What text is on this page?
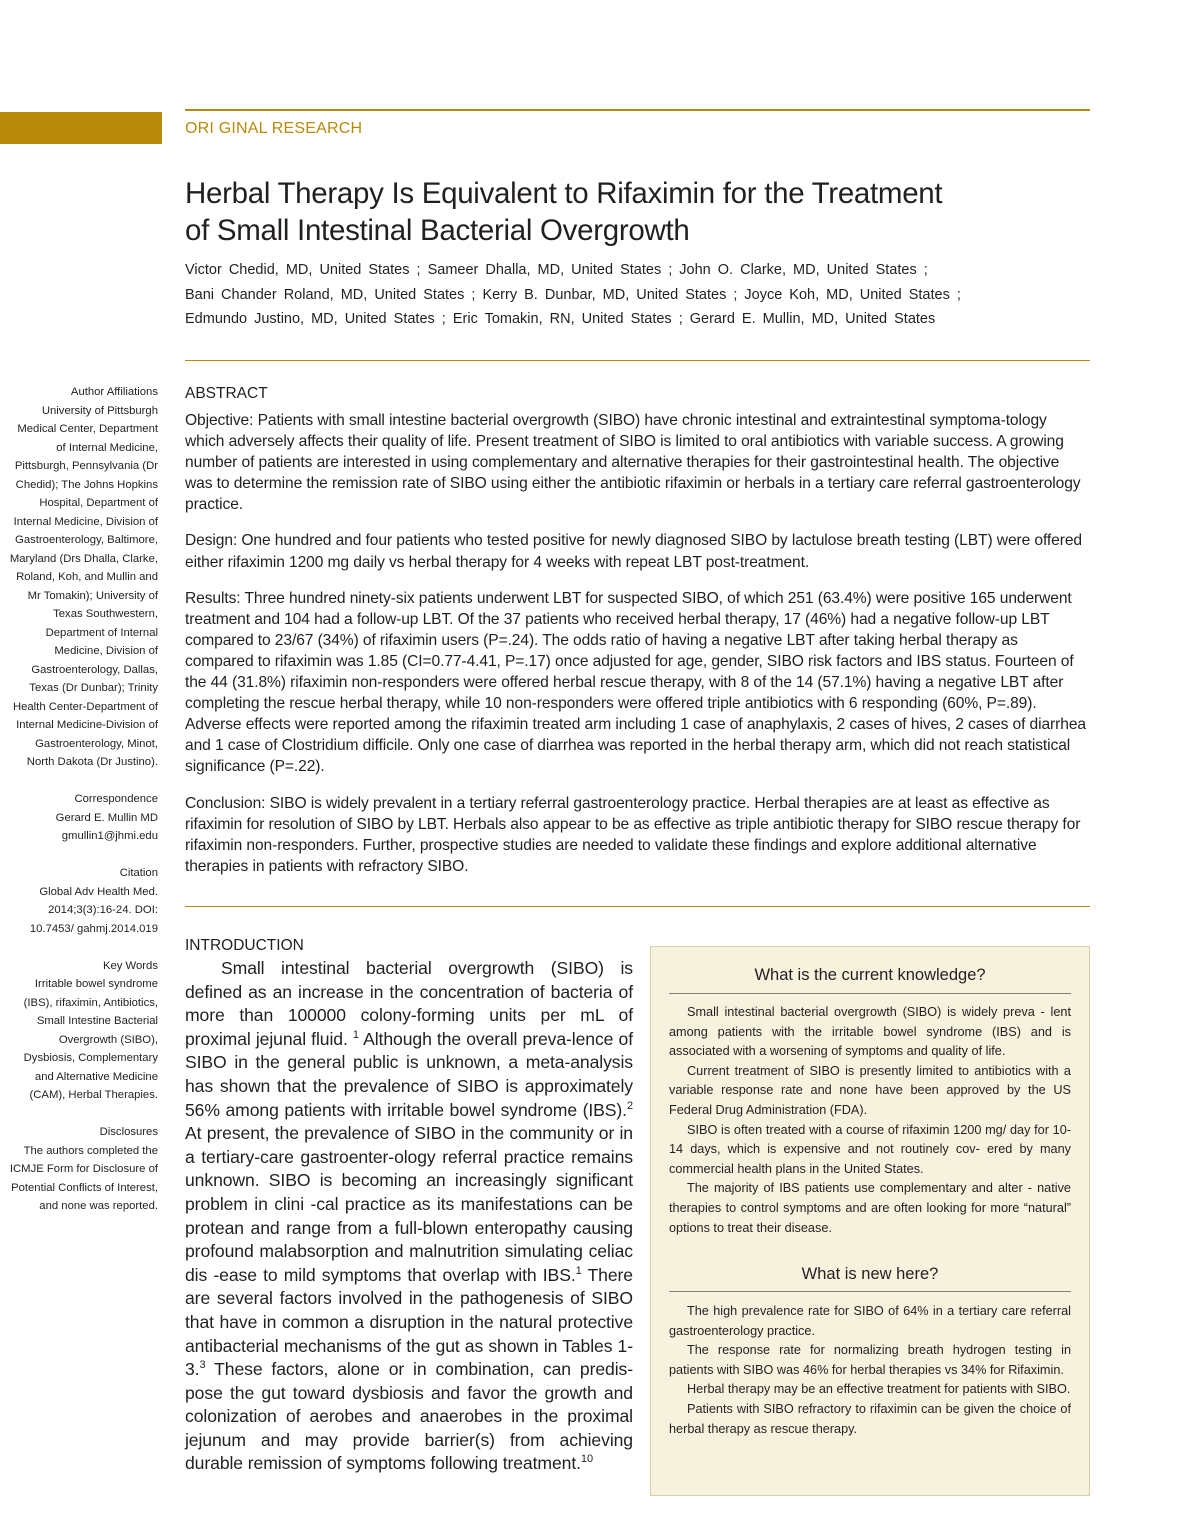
ORI GINAL RESEARCH
Herbal Therapy Is Equivalent to Rifaximin for the Treatment
of Small Intestinal Bacterial Overgrowth
Victor Chedid, MD, United States ; Sameer Dhalla, MD, United States ; John O. Clarke, MD, United States ;
Bani Chander Roland, MD, United States ; Kerry B. Dunbar, MD, United States ; Joyce Koh, MD, United States ;
Edmundo Justino, MD, United States ; Eric Tomakin, RN, United States ; Gerard E. Mullin, MD, United States
Author Affiliations
University of Pittsburgh Medical Center, Department of Internal Medicine, Pittsburgh, Pennsylvania (Dr Chedid); The Johns Hopkins Hospital, Department of Internal Medicine, Division of Gastroenterology, Baltimore, Maryland (Drs Dhalla, Clarke, Roland, Koh, and Mullin and Mr Tomakin); University of Texas Southwestern, Department of Internal Medicine, Division of Gastroenterology, Dallas, Texas (Dr Dunbar); Trinity Health Center-Department of Internal Medicine-Division of Gastroenterology, Minot, North Dakota (Dr Justino).
Correspondence
Gerard E. Mullin MD
gmullin1@jhmi.edu
Citation
Global Adv Health Med. 2014;3(3):16-24. DOI: 10.7453/ gahmj.2014.019
Key Words
Irritable bowel syndrome (IBS), rifaximin, Antibiotics, Small Intestine Bacterial Overgrowth (SIBO), Dysbiosis, Complementary and Alternative Medicine (CAM), Herbal Therapies.
Disclosures
The authors completed the ICMJE Form for Disclosure of Potential Conflicts of Interest, and none was reported.
ABSTRACT

Objective: Patients with small intestine bacterial overgrowth (SIBO) have chronic intestinal and extraintestinal symptoma-tology which adversely affects their quality of life. Present treatment of SIBO is limited to oral antibiotics with variable success. A growing number of patients are interested in using complementary and alternative therapies for their gastrointestinal health. The objective was to determine the remission rate of SIBO using either the antibiotic rifaximin or herbals in a tertiary care referral gastroenterology practice.

Design: One hundred and four patients who tested positive for newly diagnosed SIBO by lactulose breath testing (LBT) were offered either rifaximin 1200 mg daily vs herbal therapy for 4 weeks with repeat LBT post-treatment.

Results: Three hundred ninety-six patients underwent LBT for suspected SIBO, of which 251 (63.4%) were positive 165 underwent treatment and 104 had a follow-up LBT. Of the 37 patients who received herbal therapy, 17 (46%) had a negative follow-up LBT compared to 23/67 (34%) of rifaximin users (P=.24). The odds ratio of having a negative LBT after taking herbal therapy as compared to rifaximin was 1.85 (CI=0.77-4.41, P=.17) once adjusted for age, gender, SIBO risk factors and IBS status. Fourteen of the 44 (31.8%) rifaximin non-responders were offered herbal rescue therapy, with 8 of the 14 (57.1%) having a negative LBT after completing the rescue herbal therapy, while 10 non-responders were offered triple antibiotics with 6 responding (60%, P=.89). Adverse effects were reported among the rifaximin treated arm including 1 case of anaphylaxis, 2 cases of hives, 2 cases of diarrhea and 1 case of Clostridium difficile. Only one case of diarrhea was reported in the herbal therapy arm, which did not reach statistical significance (P=.22).

Conclusion: SIBO is widely prevalent in a tertiary referral gastroenterology practice. Herbal therapies are at least as effective as rifaximin for resolution of SIBO by LBT. Herbals also appear to be as effective as triple antibiotic therapy for SIBO rescue therapy for rifaximin non-responders. Further, prospective studies are needed to validate these findings and explore additional alternative therapies in patients with refractory SIBO.

INTRODUCTION

Small intestinal bacterial overgrowth (SIBO) is defined as an increase in the concentration of bacteria of more than 100000 colony-forming units per mL of proximal jejunal fluid. $^1$ Although the overall preva-lence of SIBO in the general public is unknown, a meta-analysis has shown that the prevalence of SIBO is approximately 56% among patients with irritable bowel syndrome (IBS).$^2$ At present, the prevalence of SIBO in the community or in a tertiary-care gastroenter-ology referral practice remains unknown. SIBO is becoming an increasingly significant problem in clini -cal practice as its manifestations can be protean and range from a full-blown enteropathy causing profound malabsorption and malnutrition simulating celiac dis -ease to mild symptoms that overlap with IBS.$^1$ There are several factors involved in the pathogenesis of SIBO that have in common a disruption in the natural protective antibacterial mechanisms of the gut as shown in Tables 1-3.$^3$ These factors, alone or in combination, can predis-pose the gut toward dysbiosis and favor the growth and colonization of aerobes and anaerobes in the proximal jejunum and may provide barrier(s) from achieving durable remission of symptoms following treatment.$^{10}$

What is the current knowledge?

Small intestinal bacterial overgrowth (SIBO) is widely preva - lent among patients with the irritable bowel syndrome (IBS) and is associated with a worsening of symptoms and quality of life.

Current treatment of SIBO is presently limited to antibiotics with a variable response rate and none have been approved by the US Federal Drug Administration (FDA).

SIBO is often treated with a course of rifaximin 1200 mg/ day for 10-14 days, which is expensive and not routinely cov- ered by many commercial health plans in the United States.

The majority of IBS patients use complementary and alter - native therapies to control symptoms and are often looking for more “natural” options to treat their disease.

What is new here?

The high prevalence rate for SIBO of 64% in a tertiary care referral gastroenterology practice.

The response rate for normalizing breath hydrogen testing in patients with SIBO was 46% for herbal therapies vs 34% for Rifaximin.

Herbal therapy may be an effective treatment for patients with SIBO.

Patients with SIBO refractory to rifaximin can be given the choice of herbal therapy as rescue therapy.
